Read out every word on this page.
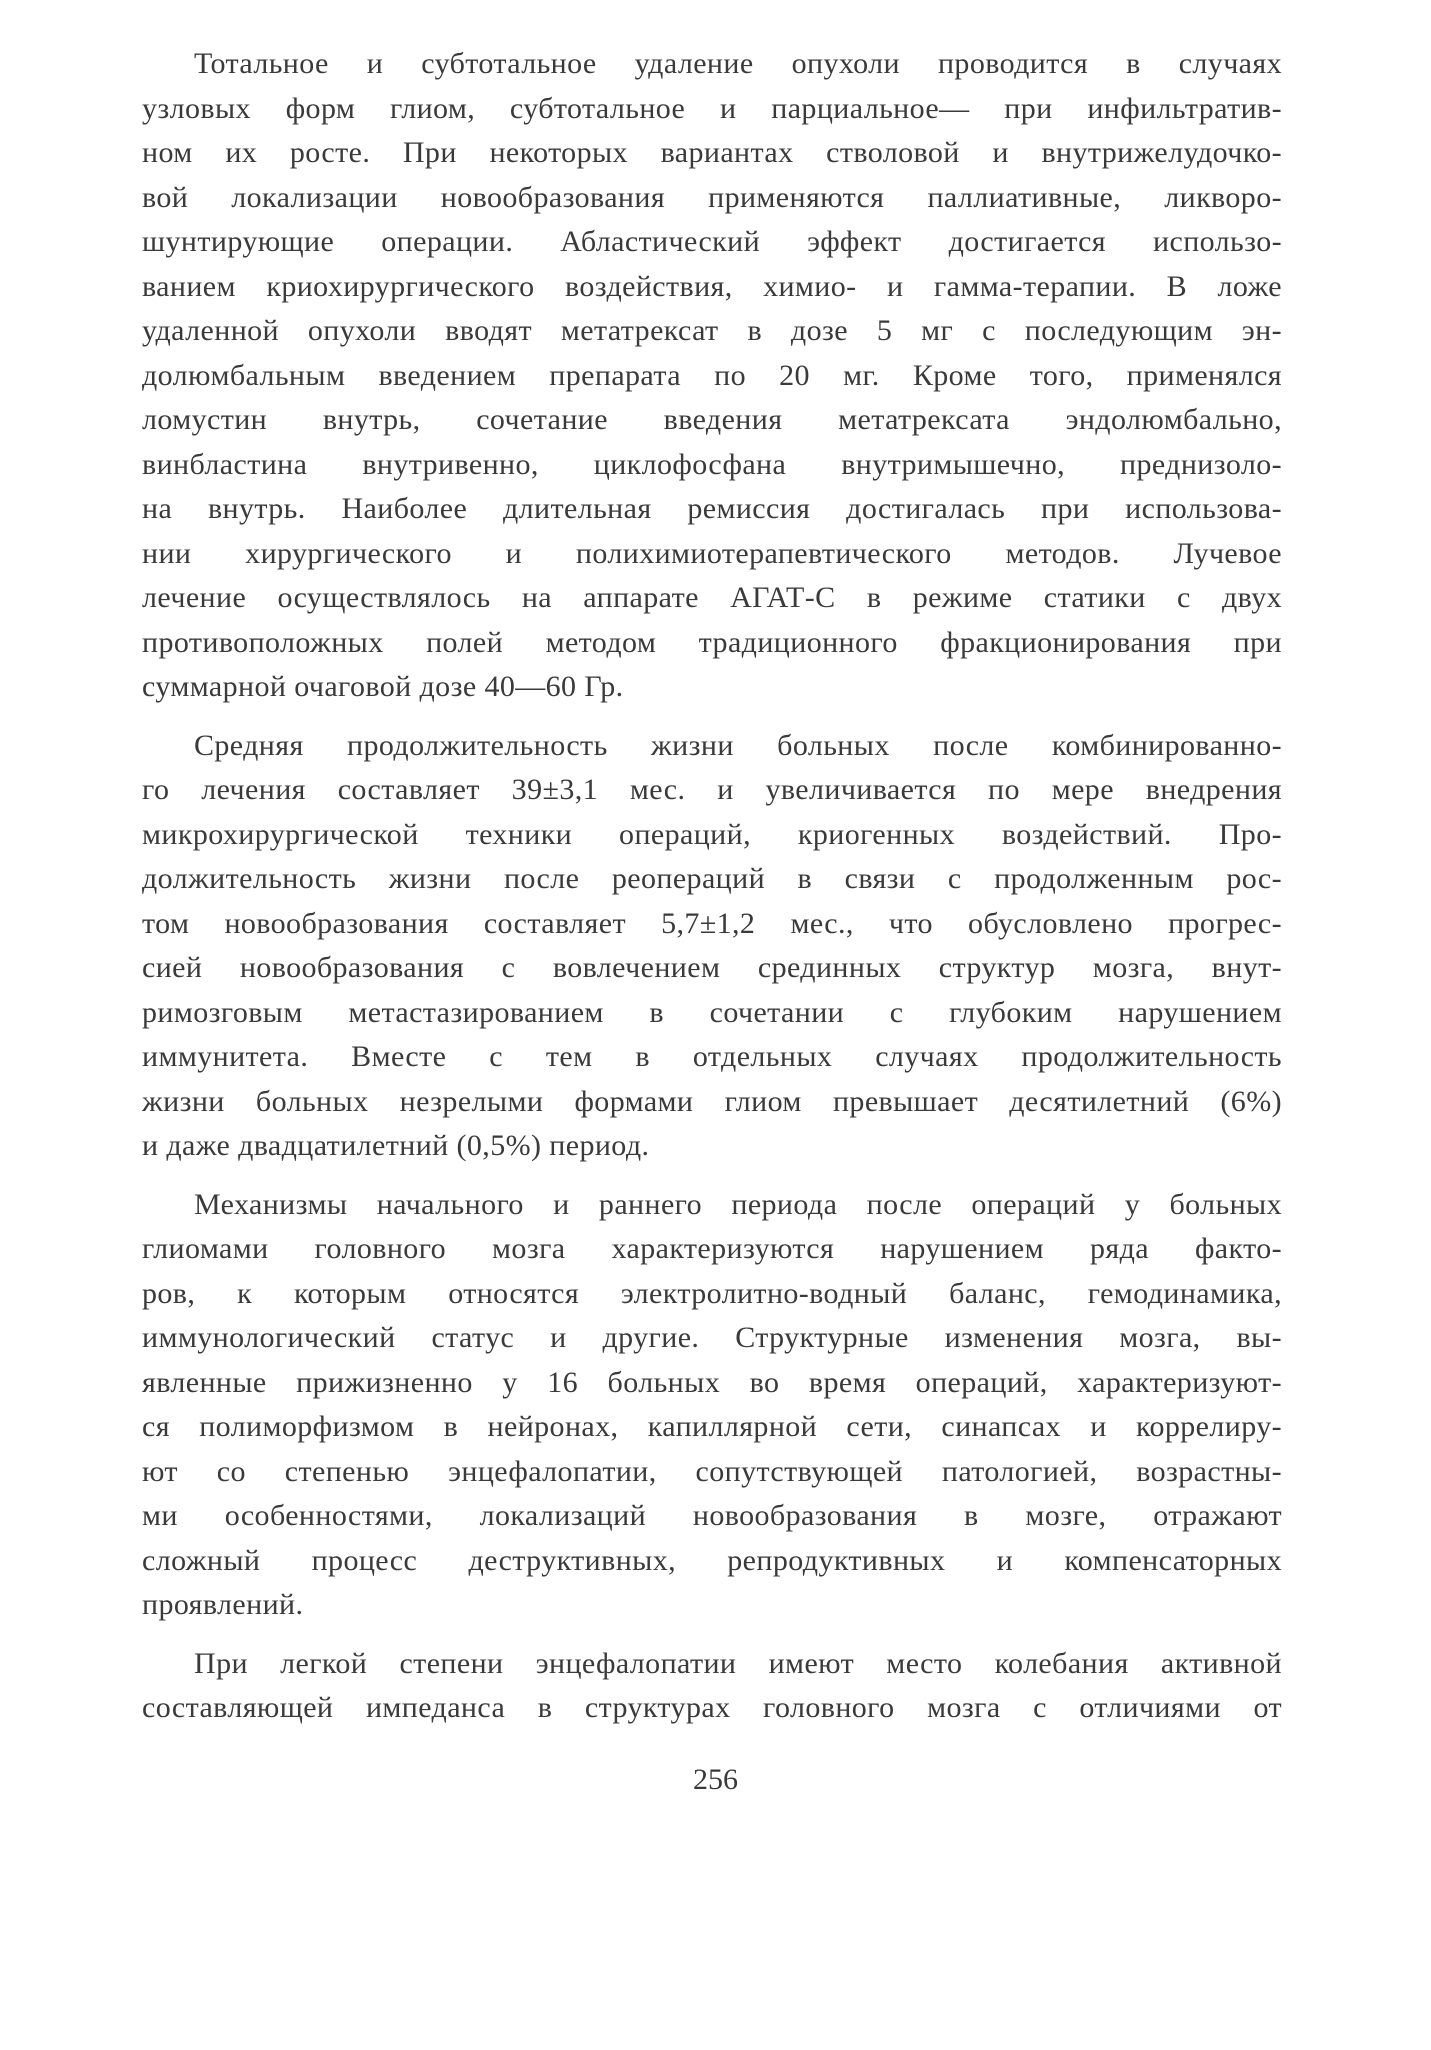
Тотальное и субтотальное удаление опухоли проводится в случаях
узловых форм глиом, субтотальное и парциальное— при инфильтратив-
ном их росте. При некоторых вариантах стволовой и внутрижелудочко-
вой локализации новообразования применяются паллиативные, ликворо-
шунтирующие операции. Абластический эффект достигается использо-
ванием криохирургического воздействия, химио- и гамма-терапии. В ложе
удаленной опухоли вводят метатрексат в дозе 5 мг с последующим эн-
долюмбальным введением препарата по 20 мг. Кроме того, применялся
ломустин внутрь, сочетание введения метатрексата эндолюмбально,
винбластина внутривенно, циклофосфана внутримышечно, преднизоло-
на внутрь. Наиболее длительная ремиссия достигалась при использова-
нии хирургического и полихимиотерапевтического методов. Лучевое
лечение осуществлялось на аппарате АГАТ-С в режиме статики с двух
противоположных полей методом традиционного фракционирования при
суммарной очаговой дозе 40—60 Гр.
Средняя продолжительность жизни больных после комбинированно-
го лечения составляет 39±3,1 мес. и увеличивается по мере внедрения
микрохирургической техники операций, криогенных воздействий. Про-
должительность жизни после реопераций в связи с продолженным рос-
том новообразования составляет 5,7±1,2 мес., что обусловлено прогрес-
сией новообразования с вовлечением срединных структур мозга, внут-
римозговым метастазированием в сочетании с глубоким нарушением
иммунитета. Вместе с тем в отдельных случаях продолжительность
жизни больных незрелыми формами глиом превышает десятилетний (6%)
и даже двадцатилетний (0,5%) период.
Механизмы начального и раннего периода после операций у больных
глиомами головного мозга характеризуются нарушением ряда факто-
ров, к которым относятся электролитно-водный баланс, гемодинамика,
иммунологический статус и другие. Структурные изменения мозга, вы-
явленные прижизненно у 16 больных во время операций, характеризуют-
ся полиморфизмом в нейронах, капиллярной сети, синапсах и коррелиру-
ют со степенью энцефалопатии, сопутствующей патологией, возрастны-
ми особенностями, локализаций новообразования в мозге, отражают
сложный процесс деструктивных, репродуктивных и компенсаторных
проявлений.
При легкой степени энцефалопатии имеют место колебания активной
составляющей импеданса в структурах головного мозга с отличиями от
256
